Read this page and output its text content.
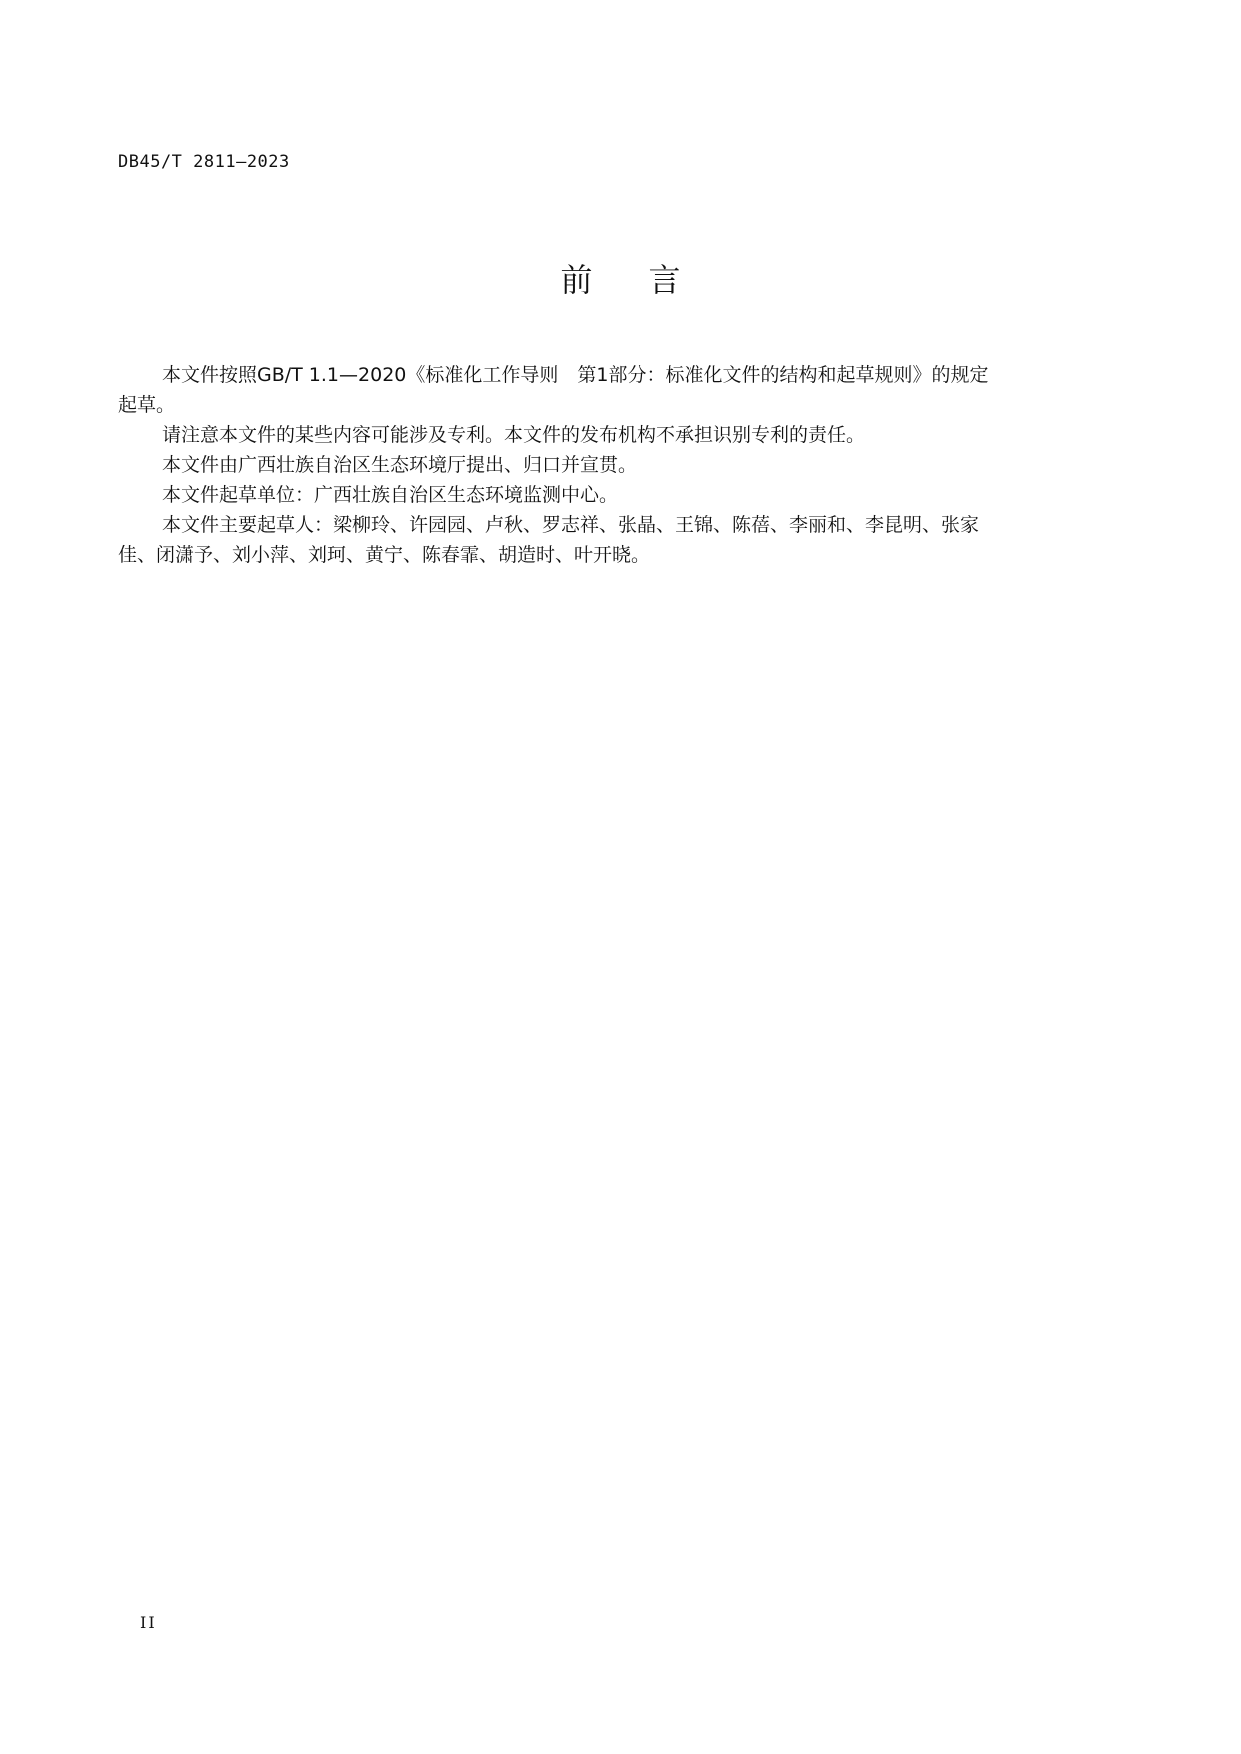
DB45/T 2811—2023
前言

本文件按照GB/T 1.1—2020《标准化工作导则　第1部分：标准化文件的结构和起草规则》的规定
起草。

请注意本文件的某些内容可能涉及专利。本文件的发布机构不承担识别专利的责任。

本文件由广西壮族自治区生态环境厅提出、归口并宣贯。

本文件起草单位：广西壮族自治区生态环境监测中心。

本文件主要起草人：梁柳玲、许园园、卢秋、罗志祥、张晶、王锦、陈蓓、李丽和、李昆明、张家
佳、闭潇予、刘小萍、刘珂、黄宁、陈春霏、胡造时、叶开晓。

II
